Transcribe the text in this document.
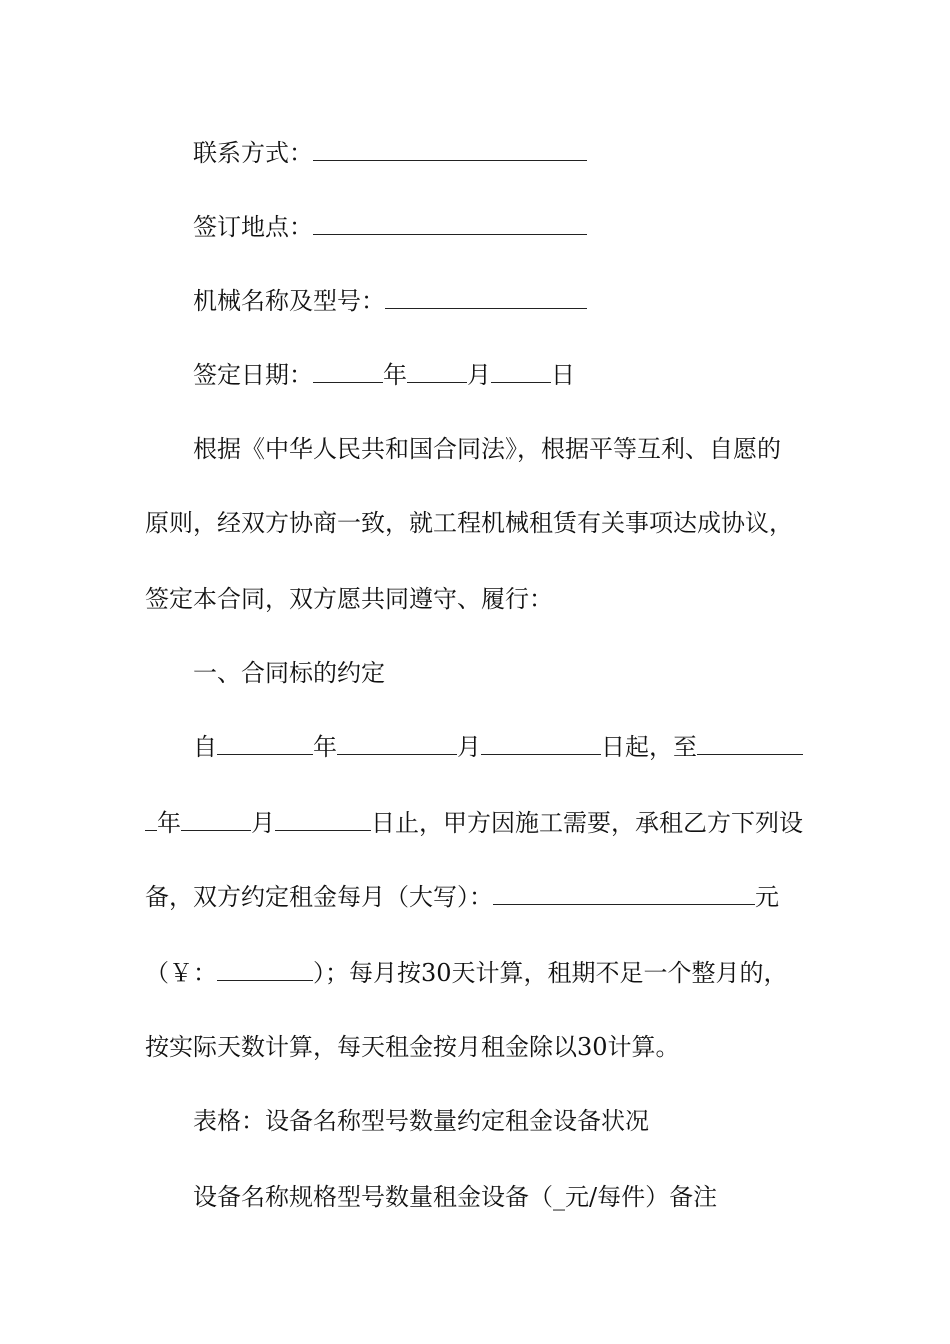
联系方式：
签订地点：
机械名称及型号：
签定日期：	年	月	日
根据《中华人民共和国合同法》，根据平等互利、自愿的
原则，经双方协商一致，就工程机械租赁有关事项达成协议，
签定本合同，双方愿共同遵守、履行：
一、合同标的约定
自	年	月	日起，至
年	月	日止，甲方因施工需要，承租乙方下列设
备，双方约定租金每月（大写）：	元
（￥：	）；每月按30天计算，租期不足一个整月的，
按实际天数计算，每天租金按月租金除以30计算。
表格：设备名称型号数量约定租金设备状况
设备名称规格型号数量租金设备（_元/每件）备注
